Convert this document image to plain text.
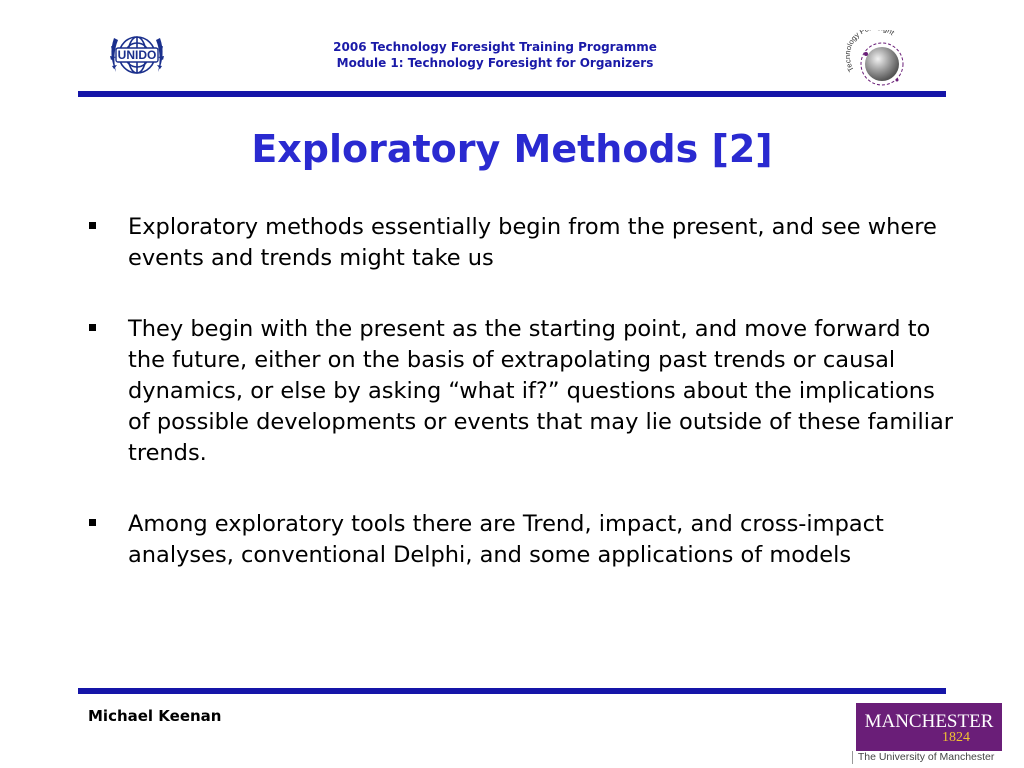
UNIDO
2006 Technology Foresight Training Programme
Module 1: Technology Foresight for Organizers	T logy F ht
Exploratory Methods [2]
Exploratory methods essentially begin from the present, and see where events and trends might take us
They begin with the present as the starting point, and move forward to the future, either on the basis of extrapolating past trends or causal dynamics, or else by asking “what if?” questions about the implications of possible developments or events that may lie outside of these familiar trends.
Among exploratory tools there are Trend, impact, and cross-impact analyses, conventional Delphi, and some applications of models
Michael Keenan	MANCHESTER
1824
The University of Manchester
